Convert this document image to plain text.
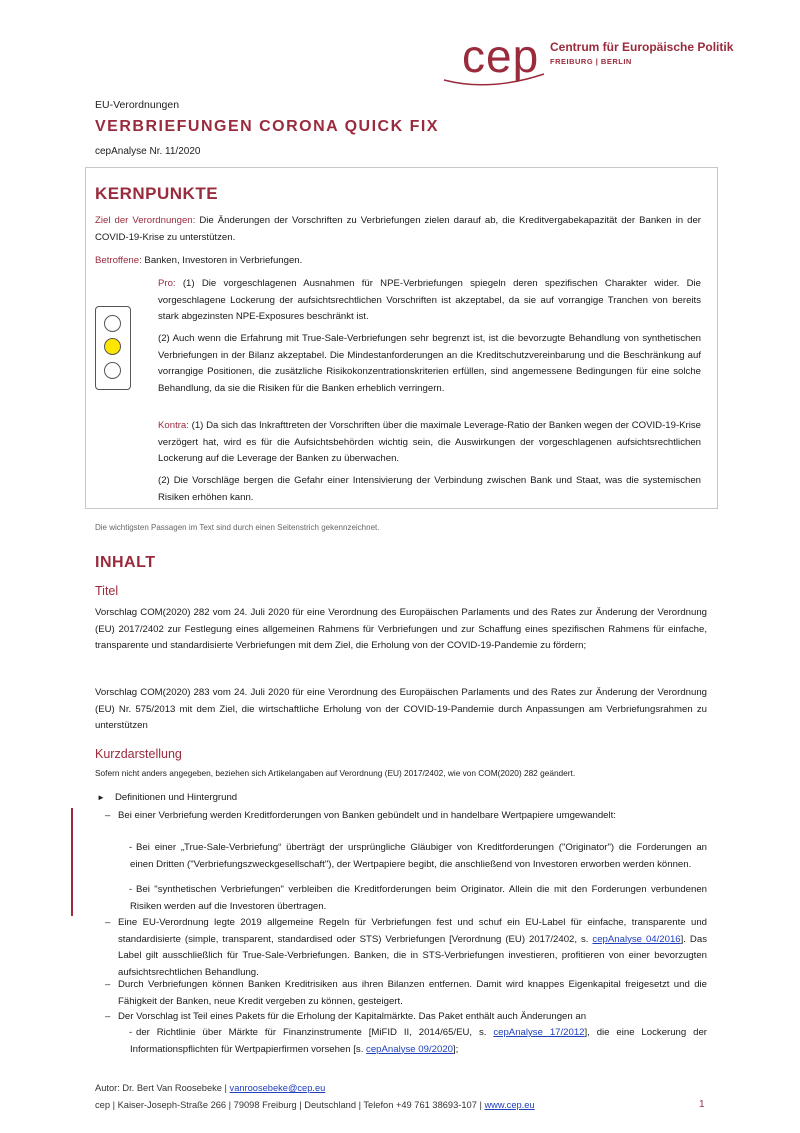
cep Centrum für Europäische Politik
FREIBURG | BERLIN
EU-Verordnungen
VERBRIEFUNGEN CORONA QUICK FIX
cepAnalyse Nr. 11/2020
KERNPUNKTE
Ziel der Verordnungen: Die Änderungen der Vorschriften zu Verbriefungen zielen darauf ab, die Kreditvergabekapazität der Banken in der COVID-19-Krise zu unterstützen.
Betroffene: Banken, Investoren in Verbriefungen.
Pro: (1) Die vorgeschlagenen Ausnahmen für NPE-Verbriefungen spiegeln deren spezifischen Charakter wider. Die vorgeschlagene Lockerung der aufsichtsrechtlichen Vorschriften ist akzeptabel, da sie auf vorrangige Tranchen von bereits stark abgezinsten NPE-Exposures beschränkt ist.
(2) Auch wenn die Erfahrung mit True-Sale-Verbriefungen sehr begrenzt ist, ist die bevorzugte Behandlung von synthetischen Verbriefungen in der Bilanz akzeptabel. Die Mindestanforderungen an die Kreditschutzvereinbarung und die Beschränkung auf vorrangige Positionen, die zusätzliche Risikokonzentrationskriterien erfüllen, sind angemessene Bedingungen für eine solche Behandlung, da sie die Risiken für die Banken erheblich verringern.
Kontra: (1) Da sich das Inkrafttreten der Vorschriften über die maximale Leverage-Ratio der Banken wegen der COVID-19-Krise verzögert hat, wird es für die Aufsichtsbehörden wichtig sein, die Auswirkungen der vorgeschlagenen aufsichtsrechtlichen Lockerung auf die Leverage der Banken zu überwachen.
(2) Die Vorschläge bergen die Gefahr einer Intensivierung der Verbindung zwischen Bank und Staat, was die systemischen Risiken erhöhen kann.
Die wichtigsten Passagen im Text sind durch einen Seitenstrich gekennzeichnet.
INHALT
Titel
Vorschlag COM(2020) 282 vom 24. Juli 2020 für eine Verordnung des Europäischen Parlaments und des Rates zur Änderung der Verordnung (EU) 2017/2402 zur Festlegung eines allgemeinen Rahmens für Verbriefungen und zur Schaffung eines spezifischen Rahmens für einfache, transparente und standardisierte Verbriefungen mit dem Ziel, die Erholung von der COVID-19-Pandemie zu fördern;
Vorschlag COM(2020) 283 vom 24. Juli 2020 für eine Verordnung des Europäischen Parlaments und des Rates zur Änderung der Verordnung (EU) Nr. 575/2013 mit dem Ziel, die wirtschaftliche Erholung von der COVID-19-Pandemie durch Anpassungen am Verbriefungsrahmen zu unterstützen
Kurzdarstellung
Sofern nicht anders angegeben, beziehen sich Artikelangaben auf Verordnung (EU) 2017/2402, wie von COM(2020) 282 geändert.
► Definitionen und Hintergrund
– Bei einer Verbriefung werden Kreditforderungen von Banken gebündelt und in handelbare Wertpapiere umgewandelt:
- Bei einer „True-Sale-Verbriefung“ überträgt der ursprüngliche Gläubiger von Kreditforderungen ("Originator") die Forderungen an einen Dritten ("Verbriefungszweckgesellschaft"), der Wertpapiere begibt, die anschließend von Investoren erworben werden können.
- Bei "synthetischen Verbriefungen" verbleiben die Kreditforderungen beim Originator. Allein die mit den Forderungen verbundenen Risiken werden auf die Investoren übertragen.
– Eine EU-Verordnung legte 2019 allgemeine Regeln für Verbriefungen fest und schuf ein EU-Label für einfache, transparente und standardisierte (simple, transparent, standardised oder STS) Verbriefungen [Verordnung (EU) 2017/2402, s. cepAnalyse 04/2016]. Das Label gilt ausschließlich für True-Sale-Verbriefungen. Banken, die in STS-Verbriefungen investieren, profitieren von einer bevorzugten aufsichtsrechtlichen Behandlung.
– Durch Verbriefungen können Banken Kreditrisiken aus ihren Bilanzen entfernen. Damit wird knappes Eigenkapital freigesetzt und die Fähigkeit der Banken, neue Kredit vergeben zu können, gesteigert.
– Der Vorschlag ist Teil eines Pakets für die Erholung der Kapitalmärkte. Das Paket enthält auch Änderungen an
- der Richtlinie über Märkte für Finanzinstrumente [MiFID II, 2014/65/EU, s. cepAnalyse 17/2012], die eine Lockerung der Informationspflichten für Wertpapierfirmen vorsehen [s. cepAnalyse 09/2020];
Autor: Dr. Bert Van Roosebeke | vanroosebeke@cep.eu
cep | Kaiser-Joseph-Straße 266 | 79098 Freiburg | Deutschland | Telefon +49 761 38693-107 | www.cep.eu	1
